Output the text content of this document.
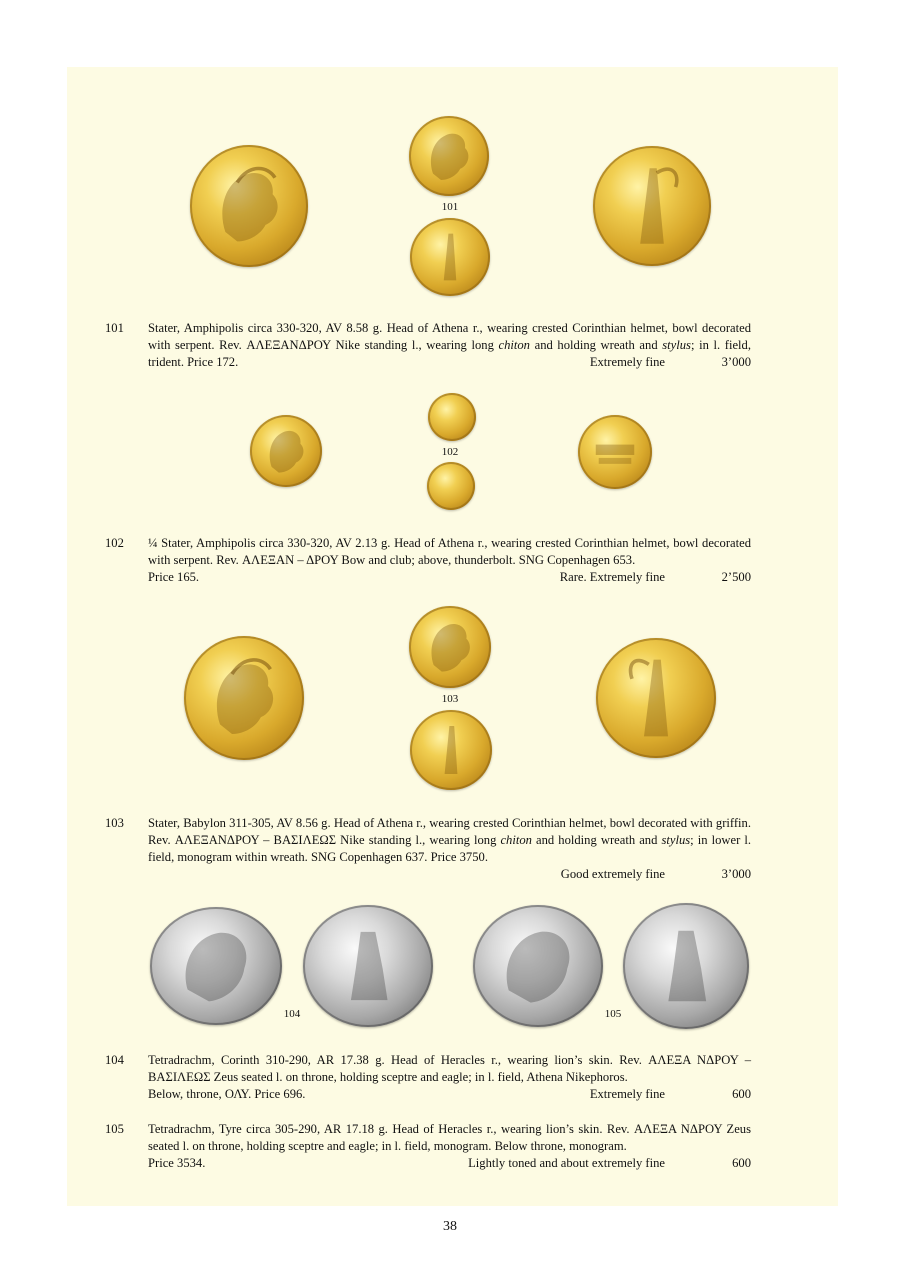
101
101	Stater, Amphipolis circa 330-320, AV 8.58 g. Head of Athena r., wearing crested Corinthian helmet, bowl decorated with serpent. Rev. ΑΛΕΞΑΝΔΡΟΥ Nike standing l., wearing long chiton and holding wreath and stylus; in l. field, trident. Price 172.	Extremely fine	3’000
102
102	¼ Stater, Amphipolis circa 330-320, AV 2.13 g. Head of Athena r., wearing crested Corinthian helmet, bowl decorated with serpent. Rev. ΑΛΕΞΑΝ – ΔΡΟΥ Bow and club; above, thunderbolt. SNG Copenhagen 653.
Price 165.	Rare. Extremely fine	2’500
103
103	Stater, Babylon 311-305, AV 8.56 g. Head of Athena r., wearing crested Corinthian helmet, bowl decorated with griffin. Rev. ΑΛΕΞΑΝΔΡΟΥ – ΒΑΣΙΛΕΩΣ Nike standing l., wearing long chiton and holding wreath and stylus; in lower l. field, monogram within wreath. SNG Copenhagen 637. Price 3750.
Good extremely fine	3’000
104	105
104	Tetradrachm, Corinth 310-290, AR 17.38 g. Head of Heracles r., wearing lion’s skin. Rev. ΑΛΕΞΑ ΝΔΡΟΥ – ΒΑΣΙΛΕΩΣ Zeus seated l. on throne, holding sceptre and eagle; in l. field, Athena Nikephoros.
Below, throne, ΟΛΥ. Price 696.	Extremely fine	600
105	Tetradrachm, Tyre circa 305-290, AR 17.18 g. Head of Heracles r., wearing lion’s skin. Rev. ΑΛΕΞΑ ΝΔΡΟΥ Zeus seated l. on throne, holding sceptre and eagle; in l. field, monogram. Below throne, monogram.
Price 3534.	Lightly toned and about extremely fine	600
38
